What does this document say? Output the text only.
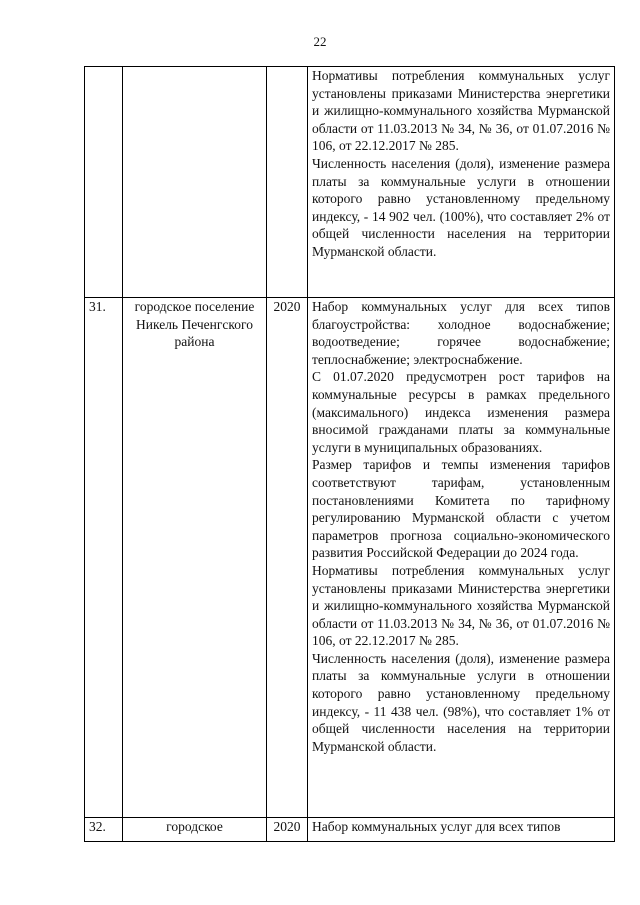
22

			Нормативы потребления коммунальных услуг установлены приказами Министерства энергетики и жилищно-коммунального хозяйства Мурманской области от 11.03.2013 № 34, № 36, от 01.07.2016 № 106, от 22.12.2017 № 285.

Численность населения (доля), изменение размера платы за коммунальные услуги в отношении которого равно установленному предельному индексу, - 14 902 чел. (100%), что составляет 2% от общей численности населения на территории Мурманской области.

31.	городское поселение Никель Печенгского района	2020	Набор коммунальных услуг для всех типов благоустройства: холодное водоснабжение; водоотведение; горячее водоснабжение; теплоснабжение; электроснабжение.

С 01.07.2020 предусмотрен рост тарифов на коммунальные ресурсы в рамках предельного (максимального) индекса изменения размера вносимой гражданами платы за коммунальные услуги в муниципальных образованиях.

Размер тарифов и темпы изменения тарифов соответствуют тарифам, установленным постановлениями Комитета по тарифному регулированию Мурманской области с учетом параметров прогноза социально-экономического развития Российской Федерации до 2024 года.

Нормативы потребления коммунальных услуг установлены приказами Министерства энергетики и жилищно-коммунального хозяйства Мурманской области от 11.03.2013 № 34, № 36, от 01.07.2016 № 106, от 22.12.2017 № 285.

Численность населения (доля), изменение размера платы за коммунальные услуги в отношении которого равно установленному предельному индексу, - 11 438 чел. (98%), что составляет 1% от общей численности населения на территории Мурманской области.

32.	городское	2020	Набор коммунальных услуг для всех типов
